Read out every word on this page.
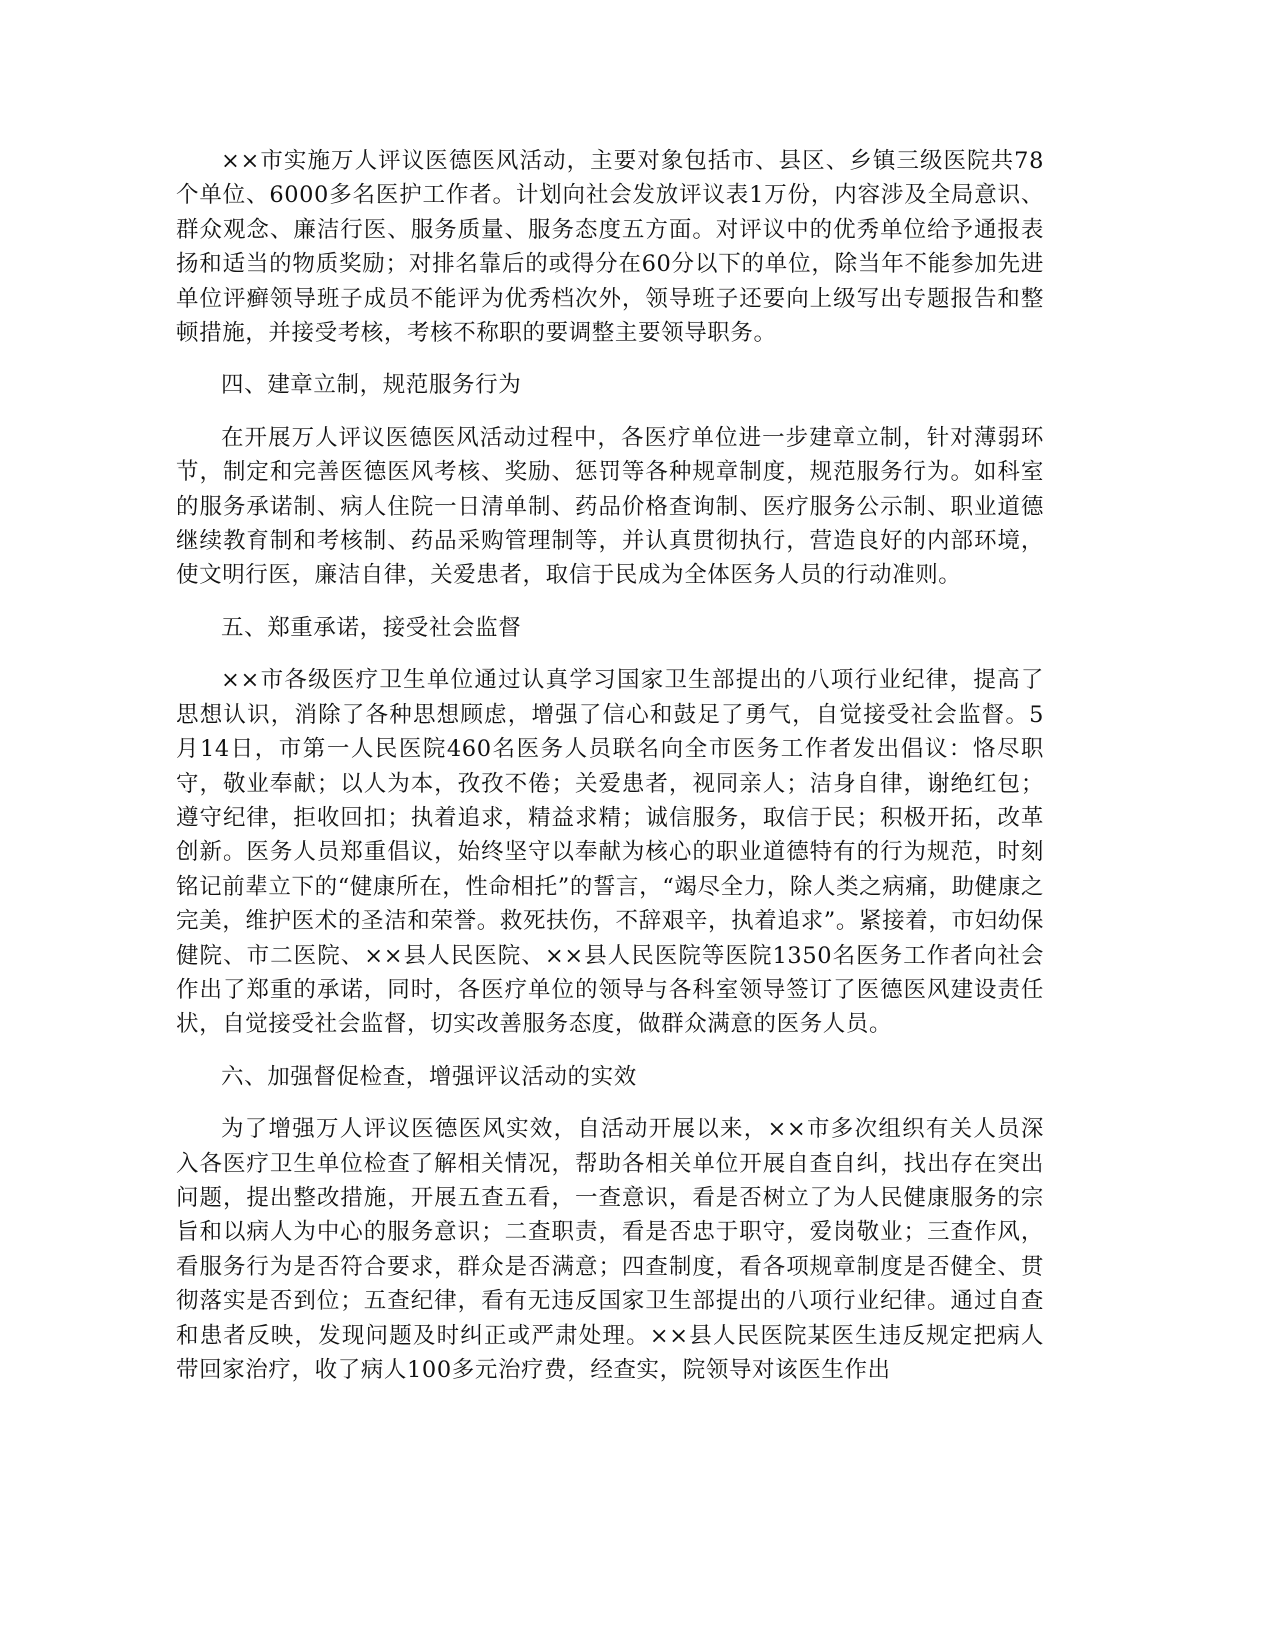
××市实施万人评议医德医风活动，主要对象包括市、县区、乡镇三级医院共78个单位、6000多名医护工作者。计划向社会发放评议表1万份，内容涉及全局意识、群众观念、廉洁行医、服务质量、服务态度五方面。对评议中的优秀单位给予通报表扬和适当的物质奖励；对排名靠后的或得分在60分以下的单位，除当年不能参加先进单位评癣领导班子成员不能评为优秀档次外，领导班子还要向上级写出专题报告和整顿措施，并接受考核，考核不称职的要调整主要领导职务。

四、建章立制，规范服务行为

在开展万人评议医德医风活动过程中，各医疗单位进一步建章立制，针对薄弱环节，制定和完善医德医风考核、奖励、惩罚等各种规章制度，规范服务行为。如科室的服务承诺制、病人住院一日清单制、药品价格查询制、医疗服务公示制、职业道德继续教育制和考核制、药品采购管理制等，并认真贯彻执行，营造良好的内部环境，使文明行医，廉洁自律，关爱患者，取信于民成为全体医务人员的行动准则。

五、郑重承诺，接受社会监督

××市各级医疗卫生单位通过认真学习国家卫生部提出的八项行业纪律，提高了思想认识，消除了各种思想顾虑，增强了信心和鼓足了勇气，自觉接受社会监督。5月14日，市第一人民医院460名医务人员联名向全市医务工作者发出倡议：恪尽职守，敬业奉献；以人为本，孜孜不倦；关爱患者，视同亲人；洁身自律，谢绝红包；遵守纪律，拒收回扣；执着追求，精益求精；诚信服务，取信于民；积极开拓，改革创新。医务人员郑重倡议，始终坚守以奉献为核心的职业道德特有的行为规范，时刻铭记前辈立下的“健康所在，性命相托”的誓言，“竭尽全力，除人类之病痛，助健康之完美，维护医术的圣洁和荣誉。救死扶伤，不辞艰辛，执着追求”。紧接着，市妇幼保健院、市二医院、××县人民医院、××县人民医院等医院1350名医务工作者向社会作出了郑重的承诺，同时，各医疗单位的领导与各科室领导签订了医德医风建设责任状，自觉接受社会监督，切实改善服务态度，做群众满意的医务人员。

六、加强督促检查，增强评议活动的实效

为了增强万人评议医德医风实效，自活动开展以来，××市多次组织有关人员深入各医疗卫生单位检查了解相关情况，帮助各相关单位开展自查自纠，找出存在突出问题，提出整改措施，开展五查五看，一查意识，看是否树立了为人民健康服务的宗旨和以病人为中心的服务意识；二查职责，看是否忠于职守，爱岗敬业；三查作风，看服务行为是否符合要求，群众是否满意；四查制度，看各项规章制度是否健全、贯彻落实是否到位；五查纪律，看有无违反国家卫生部提出的八项行业纪律。通过自查和患者反映，发现问题及时纠正或严肃处理。××县人民医院某医生违反规定把病人带回家治疗，收了病人100多元治疗费，经查实，院领导对该医生作出
